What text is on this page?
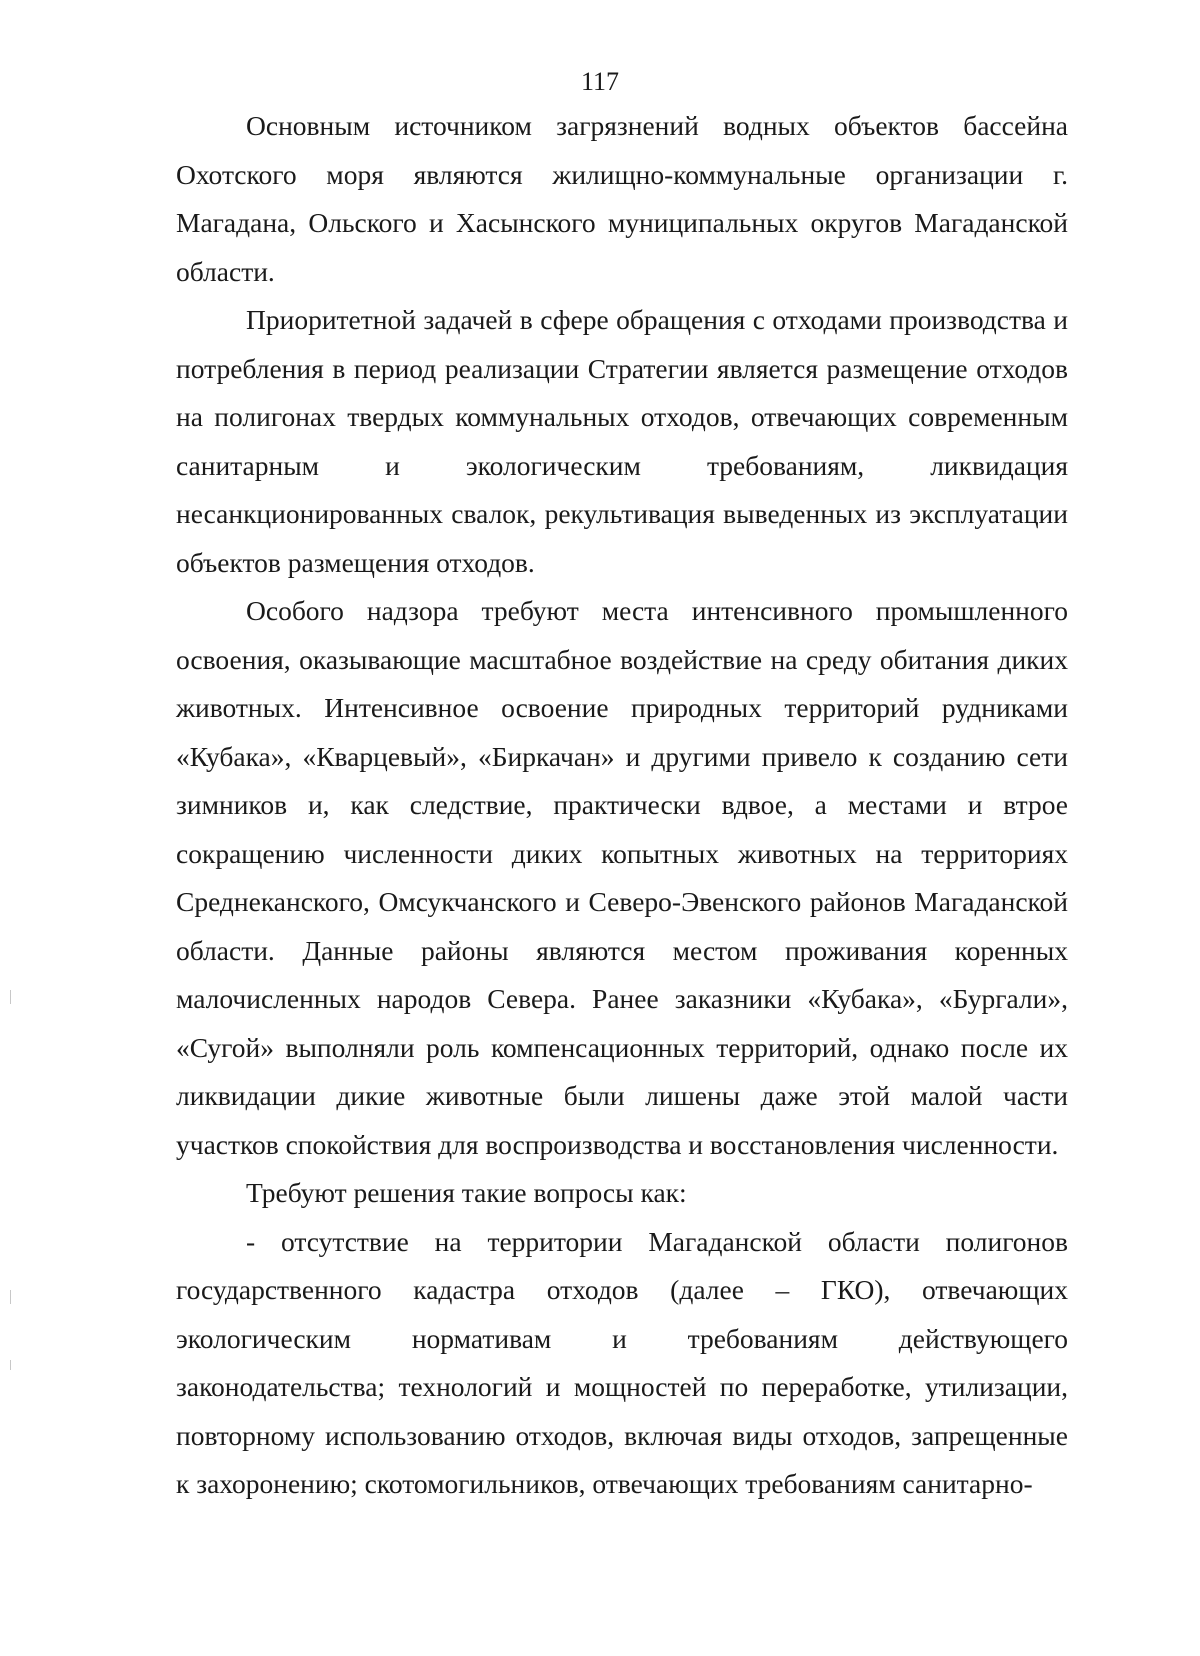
117

Основным источником загрязнений водных объектов бассейна Охотского моря являются жилищно-коммунальные организации г. Магадана, Ольского и Хасынского муниципальных округов Магаданской области.

Приоритетной задачей в сфере обращения с отходами производства и потребления в период реализации Стратегии является размещение отходов на полигонах твердых коммунальных отходов, отвечающих современным санитарным и экологическим требованиям, ликвидация несанкционированных свалок, рекультивация выведенных из эксплуатации объектов размещения отходов.

Особого надзора требуют места интенсивного промышленного освоения, оказывающие масштабное воздействие на среду обитания диких животных. Интенсивное освоение природных территорий рудниками «Кубака», «Кварцевый», «Биркачан» и другими привело к созданию сети зимников и, как следствие, практически вдвое, а местами и втрое сокращению численности диких копытных животных на территориях Среднеканского, Омсукчанского и Северо-Эвенского районов Магаданской области. Данные районы являются местом проживания коренных малочисленных народов Севера. Ранее заказники «Кубака», «Бургали», «Сугой» выполняли роль компенсационных территорий, однако после их ликвидации дикие животные были лишены даже этой малой части участков спокойствия для воспроизводства и восстановления численности.

Требуют решения такие вопросы как:

- отсутствие на территории Магаданской области полигонов государственного кадастра отходов (далее – ГКО), отвечающих экологическим нормативам и требованиям действующего законодательства; технологий и мощностей по переработке, утилизации, повторному использованию отходов, включая виды отходов, запрещенные к захоронению; скотомогильников, отвечающих требованиям санитарно-
